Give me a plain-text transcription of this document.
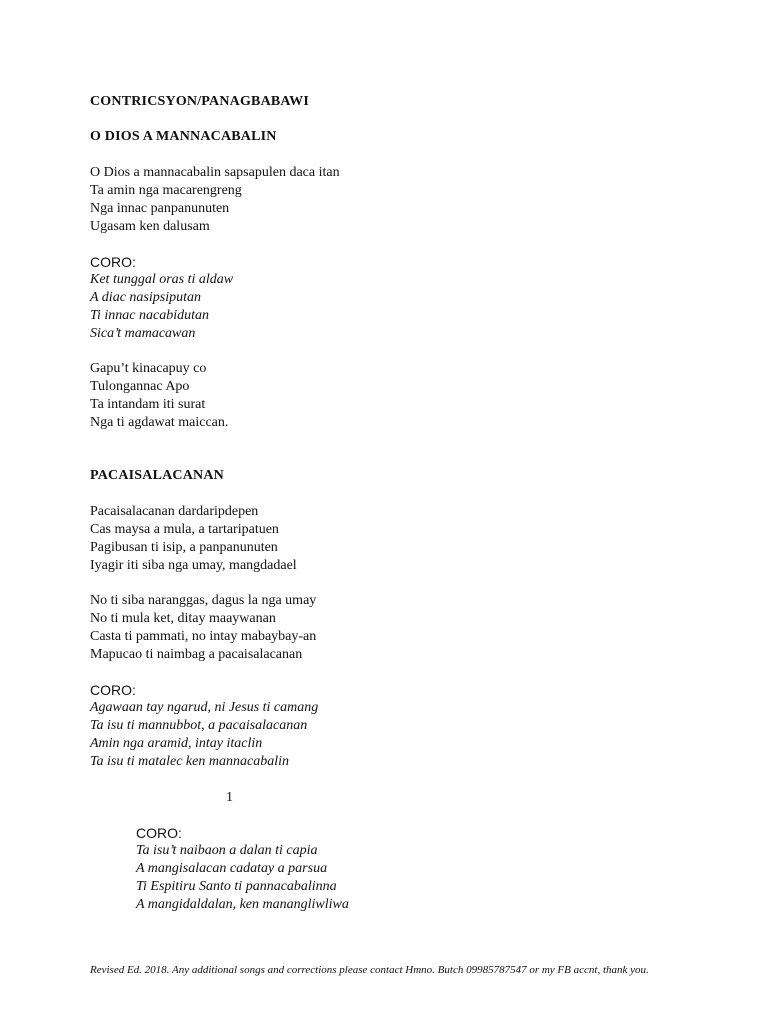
CONTRICSYON/PANAGBABAWI
O DIOS A MANNACABALIN
O Dios a mannacabalin sapsapulen daca itan
Ta amin nga macarengreng
Nga innac panpanunuten
Ugasam ken dalusam
CORO:
Ket tunggal oras ti aldaw
A diac nasipsiputan
Ti innac nacabidutan
Sica’t mamacawan
Gapu’t kinacapuy co
Tulongannac Apo
Ta intandam iti surat
Nga ti agdawat maiccan.
PACAISALACANAN
Pacaisalacanan dardaripdepen
Cas maysa a mula, a tartaripatuen
Pagibusan ti isip, a panpanunuten
Iyagir iti siba nga umay, mangdadael
No ti siba naranggas, dagus la nga umay
No ti mula ket, ditay maaywanan
Casta ti pammati, no intay mabaybay-an
Mapucao ti naimbag a pacaisalacanan
CORO:
Agawaan tay ngarud, ni Jesus ti camang
Ta isu ti mannubbot, a pacaisalacanan
Amin nga aramid, intay itaclin
Ta isu ti matalec ken mannacabalin
1
CORO:
Ta isu’t naibaon a dalan ti capia
A mangisalacan cadatay a parsua
Ti Espitiru Santo ti pannacabalinna
A mangidaldalan, ken manangliwliwa
Revised Ed. 2018. Any additional songs and corrections please contact Hmno. Butch 09985787547 or my FB accnt, thank you.
